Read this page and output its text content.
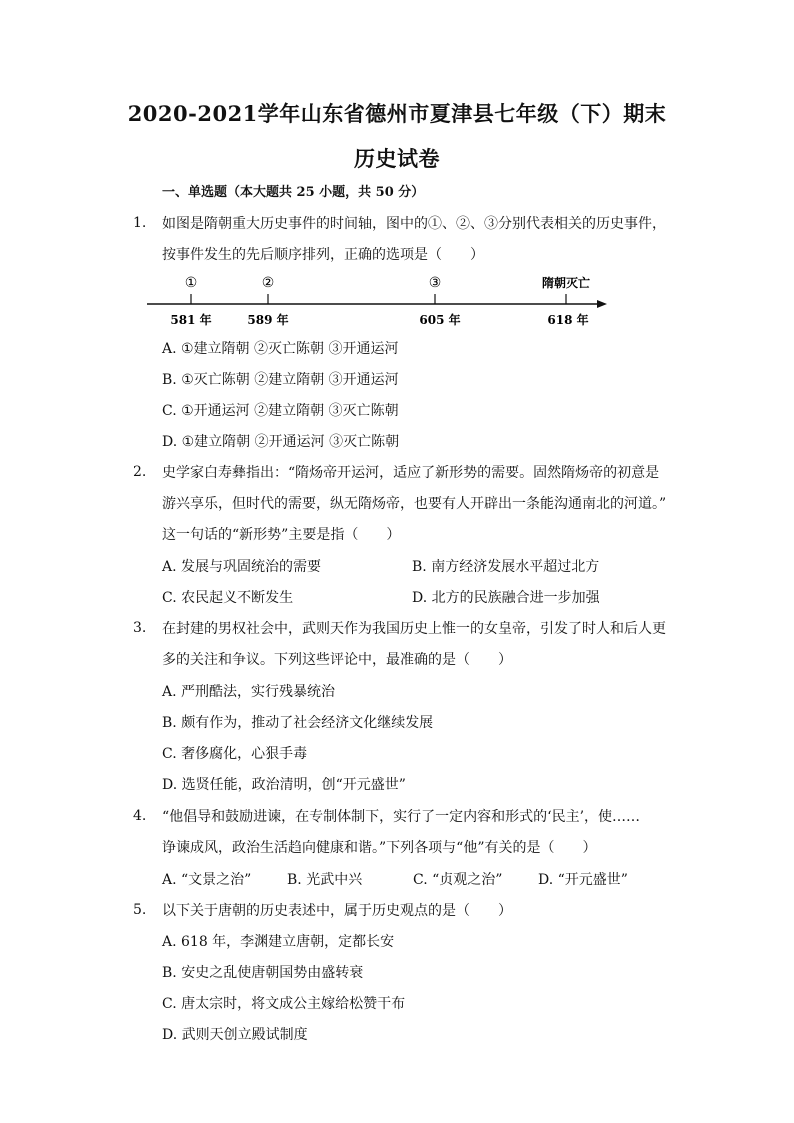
2020-2021学年山东省德州市夏津县七年级（下）期末
历史试卷
一、单选题（本大题共 25 小题，共 50 分）
1. 如图是隋朝重大历史事件的时间轴，图中的①、②、③分别代表相关的历史事件，
按事件发生的先后顺序排列，正确的选项是（　　）
①
581 年
②
589 年
③
605 年
隋朝灭亡
618 年
A. ①建立隋朝 ②灭亡陈朝 ③开通运河
B. ①灭亡陈朝 ②建立隋朝 ③开通运河
C. ①开通运河 ②建立隋朝 ③灭亡陈朝
D. ①建立隋朝 ②开通运河 ③灭亡陈朝
2. 史学家白寿彝指出：“隋炀帝开运河，适应了新形势的需要。固然隋炀帝的初意是
游兴享乐，但时代的需要，纵无隋炀帝，也要有人开辟出一条能沟通南北的河道。”
这一句话的“新形势”主要是指（　　）
A. 发展与巩固统治的需要	B. 南方经济发展水平超过北方
C. 农民起义不断发生	D. 北方的民族融合进一步加强
3. 在封建的男权社会中，武则天作为我国历史上惟一的女皇帝，引发了时人和后人更
多的关注和争议。下列这些评论中，最准确的是（　　）
A. 严刑酷法，实行残暴统治
B. 颇有作为，推动了社会经济文化继续发展
C. 奢侈腐化，心狠手毒
D. 选贤任能，政治清明，创“开元盛世”
4. “他倡导和鼓励进谏，在专制体制下，实行了一定内容和形式的‘民主’，使……
诤谏成风，政治生活趋向健康和谐。”下列各项与“他”有关的是（　　）
A. “文景之治”	B. 光武中兴	C. “贞观之治”	D. “开元盛世”
5. 以下关于唐朝的历史表述中，属于历史观点的是（　　）
A. 618 年，李渊建立唐朝，定都长安
B. 安史之乱使唐朝国势由盛转衰
C. 唐太宗时，将文成公主嫁给松赞干布
D. 武则天创立殿试制度
